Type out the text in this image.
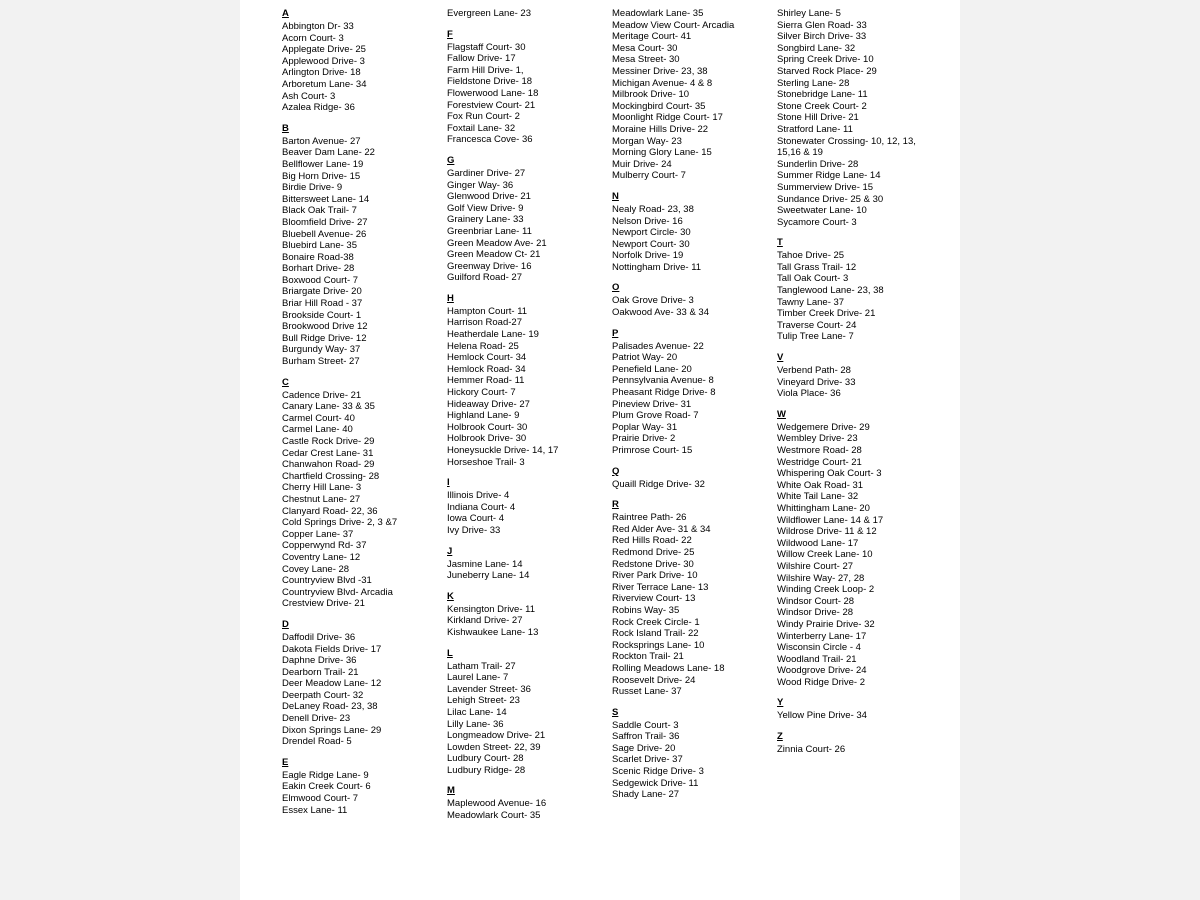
A
Abbington Dr- 33
Acorn Court- 3
Applegate Drive- 25
Applewood Drive- 3
Arlington Drive- 18
Arboretum Lane- 34
Ash Court- 3
Azalea Ridge- 36
B
Barton Avenue- 27
Beaver Dam Lane- 22
Bellflower Lane- 19
Big Horn Drive- 15
Birdie Drive- 9
Bittersweet Lane- 14
Black Oak Trail- 7
Bloomfield Drive- 27
Bluebell Avenue- 26
Bluebird Lane- 35
Bonaire Road-38
Borhart Drive- 28
Boxwood Court- 7
Briargate Drive- 20
Briar Hill Road - 37
Brookside Court- 1
Brookwood Drive 12
Bull Ridge Drive- 12
Burgundy Way- 37
Burham Street- 27
C
Cadence Drive- 21
Canary Lane- 33 & 35
Carmel Court- 40
Carmel Lane- 40
Castle Rock Drive- 29
Cedar Crest Lane- 31
Chanwahon Road- 29
Chartfield Crossing- 28
Cherry Hill Lane- 3
Chestnut Lane- 27
Clanyard Road- 22, 36
Cold Springs Drive- 2, 3 &7
Copper Lane- 37
Copperwynd Rd- 37
Coventry Lane- 12
Covey Lane- 28
Countryview Blvd -31
Countryview Blvd- Arcadia
Crestview Drive- 21
D
Daffodil Drive- 36
Dakota Fields Drive- 17
Daphne Drive- 36
Dearborn Trail- 21
Deer Meadow Lane- 12
Deerpath Court- 32
DeLaney Road- 23, 38
Denell Drive- 23
Dixon Springs Lane- 29
Drendel Road- 5
E
Eagle Ridge Lane- 9
Eakin Creek Court- 6
Elmwood Court- 7
Essex Lane- 11
Evergreen Lane- 23
F
Flagstaff Court- 30
Fallow Drive- 17
Farm Hill Drive- 1,
Fieldstone Drive- 18
Flowerwood Lane- 18
Forestview Court- 21
Fox Run Court- 2
Foxtail Lane- 32
Francesca Cove- 36
G
Gardiner Drive- 27
Ginger Way- 36
Glenwood Drive- 21
Golf View Drive- 9
Grainery Lane- 33
Greenbriar Lane- 11
Green Meadow Ave- 21
Green Meadow Ct- 21
Greenway Drive- 16
Guilford Road- 27
H
Hampton Court- 11
Harrison Road-27
Heatherdale Lane- 19
Helena Road- 25
Hemlock Court- 34
Hemlock Road- 34
Hemmer Road- 11
Hickory Court- 7
Hideaway Drive- 27
Highland Lane- 9
Holbrook Court- 30
Holbrook Drive- 30
Honeysuckle Drive- 14, 17
Horseshoe Trail- 3
I
Illinois Drive- 4
Indiana Court- 4
Iowa Court- 4
Ivy Drive- 33
J
Jasmine Lane- 14
Juneberry Lane- 14
K
Kensington Drive- 11
Kirkland Drive- 27
Kishwaukee Lane- 13
L
Latham Trail- 27
Laurel Lane- 7
Lavender Street- 36
Lehigh Street- 23
Lilac Lane- 14
Lilly Lane- 36
Longmeadow Drive- 21
Lowden Street- 22, 39
Ludbury Court- 28
Ludbury Ridge- 28
M
Maplewood Avenue- 16
Meadowlark Court- 35
Meadowlark Lane- 35
Meadow View Court- Arcadia
Meritage Court- 41
Mesa Court- 30
Mesa Street- 30
Messiner Drive- 23, 38
Michigan Avenue- 4 & 8
Milbrook Drive- 10
Mockingbird Court- 35
Moonlight Ridge Court- 17
Moraine Hills Drive- 22
Morgan Way- 23
Morning Glory Lane- 15
Muir Drive- 24
Mulberry Court- 7
N
Nealy Road- 23, 38
Nelson Drive- 16
Newport Circle- 30
Newport Court- 30
Norfolk Drive- 19
Nottingham Drive- 11
O
Oak Grove Drive- 3
Oakwood Ave- 33 & 34
P
Palisades Avenue- 22
Patriot Way- 20
Penefield Lane- 20
Pennsylvania Avenue- 8
Pheasant Ridge Drive- 8
Pineview Drive- 31
Plum Grove Road- 7
Poplar Way- 31
Prairie Drive- 2
Primrose Court- 15
Q
Quaill Ridge Drive- 32
R
Raintree Path- 26
Red Alder Ave- 31 & 34
Red Hills Road- 22
Redmond Drive- 25
Redstone Drive- 30
River Park Drive- 10
River Terrace Lane- 13
Riverview Court- 13
Robins Way- 35
Rock Creek Circle- 1
Rock Island Trail- 22
Rocksprings Lane- 10
Rockton Trail- 21
Rolling Meadows Lane- 18
Roosevelt Drive- 24
Russet Lane- 37
S
Saddle Court- 3
Saffron Trail- 36
Sage Drive- 20
Scarlet Drive- 37
Scenic Ridge Drive- 3
Sedgewick Drive- 11
Shady Lane- 27
Shirley Lane- 5
Sierra Glen Road- 33
Silver Birch Drive- 33
Songbird Lane- 32
Spring Creek Drive- 10
Starved Rock Place- 29
Sterling Lane- 28
Stonebridge Lane- 11
Stone Creek Court- 2
Stone Hill Drive- 21
Stratford Lane- 11
Stonewater Crossing- 10, 12, 13, 15,16 & 19
Sunderlin Drive- 28
Summer Ridge Lane- 14
Summerview Drive- 15
Sundance Drive- 25 & 30
Sweetwater Lane- 10
Sycamore Court- 3
T
Tahoe Drive- 25
Tall Grass Trail- 12
Tall Oak Court- 3
Tanglewood Lane- 23, 38
Tawny Lane- 37
Timber Creek Drive- 21
Traverse Court- 24
Tulip Tree Lane- 7
V
Verbend Path- 28
Vineyard Drive- 33
Viola Place- 36
W
Wedgemere Drive- 29
Wembley Drive- 23
Westmore Road- 28
Westridge Court- 21
Whispering Oak Court- 3
White Oak Road- 31
White Tail Lane- 32
Whittingham Lane- 20
Wildflower Lane- 14 & 17
Wildrose Drive- 11 & 12
Wildwood Lane- 17
Willow Creek Lane- 10
Wilshire Court- 27
Wilshire Way- 27, 28
Winding Creek Loop- 2
Windsor Court- 28
Windsor Drive- 28
Windy Prairie Drive- 32
Winterberry Lane- 17
Wisconsin Circle - 4
Woodland Trail- 21
Woodgrove Drive- 24
Wood Ridge Drive- 2
Y
Yellow Pine Drive- 34
Z
Zinnia Court- 26
